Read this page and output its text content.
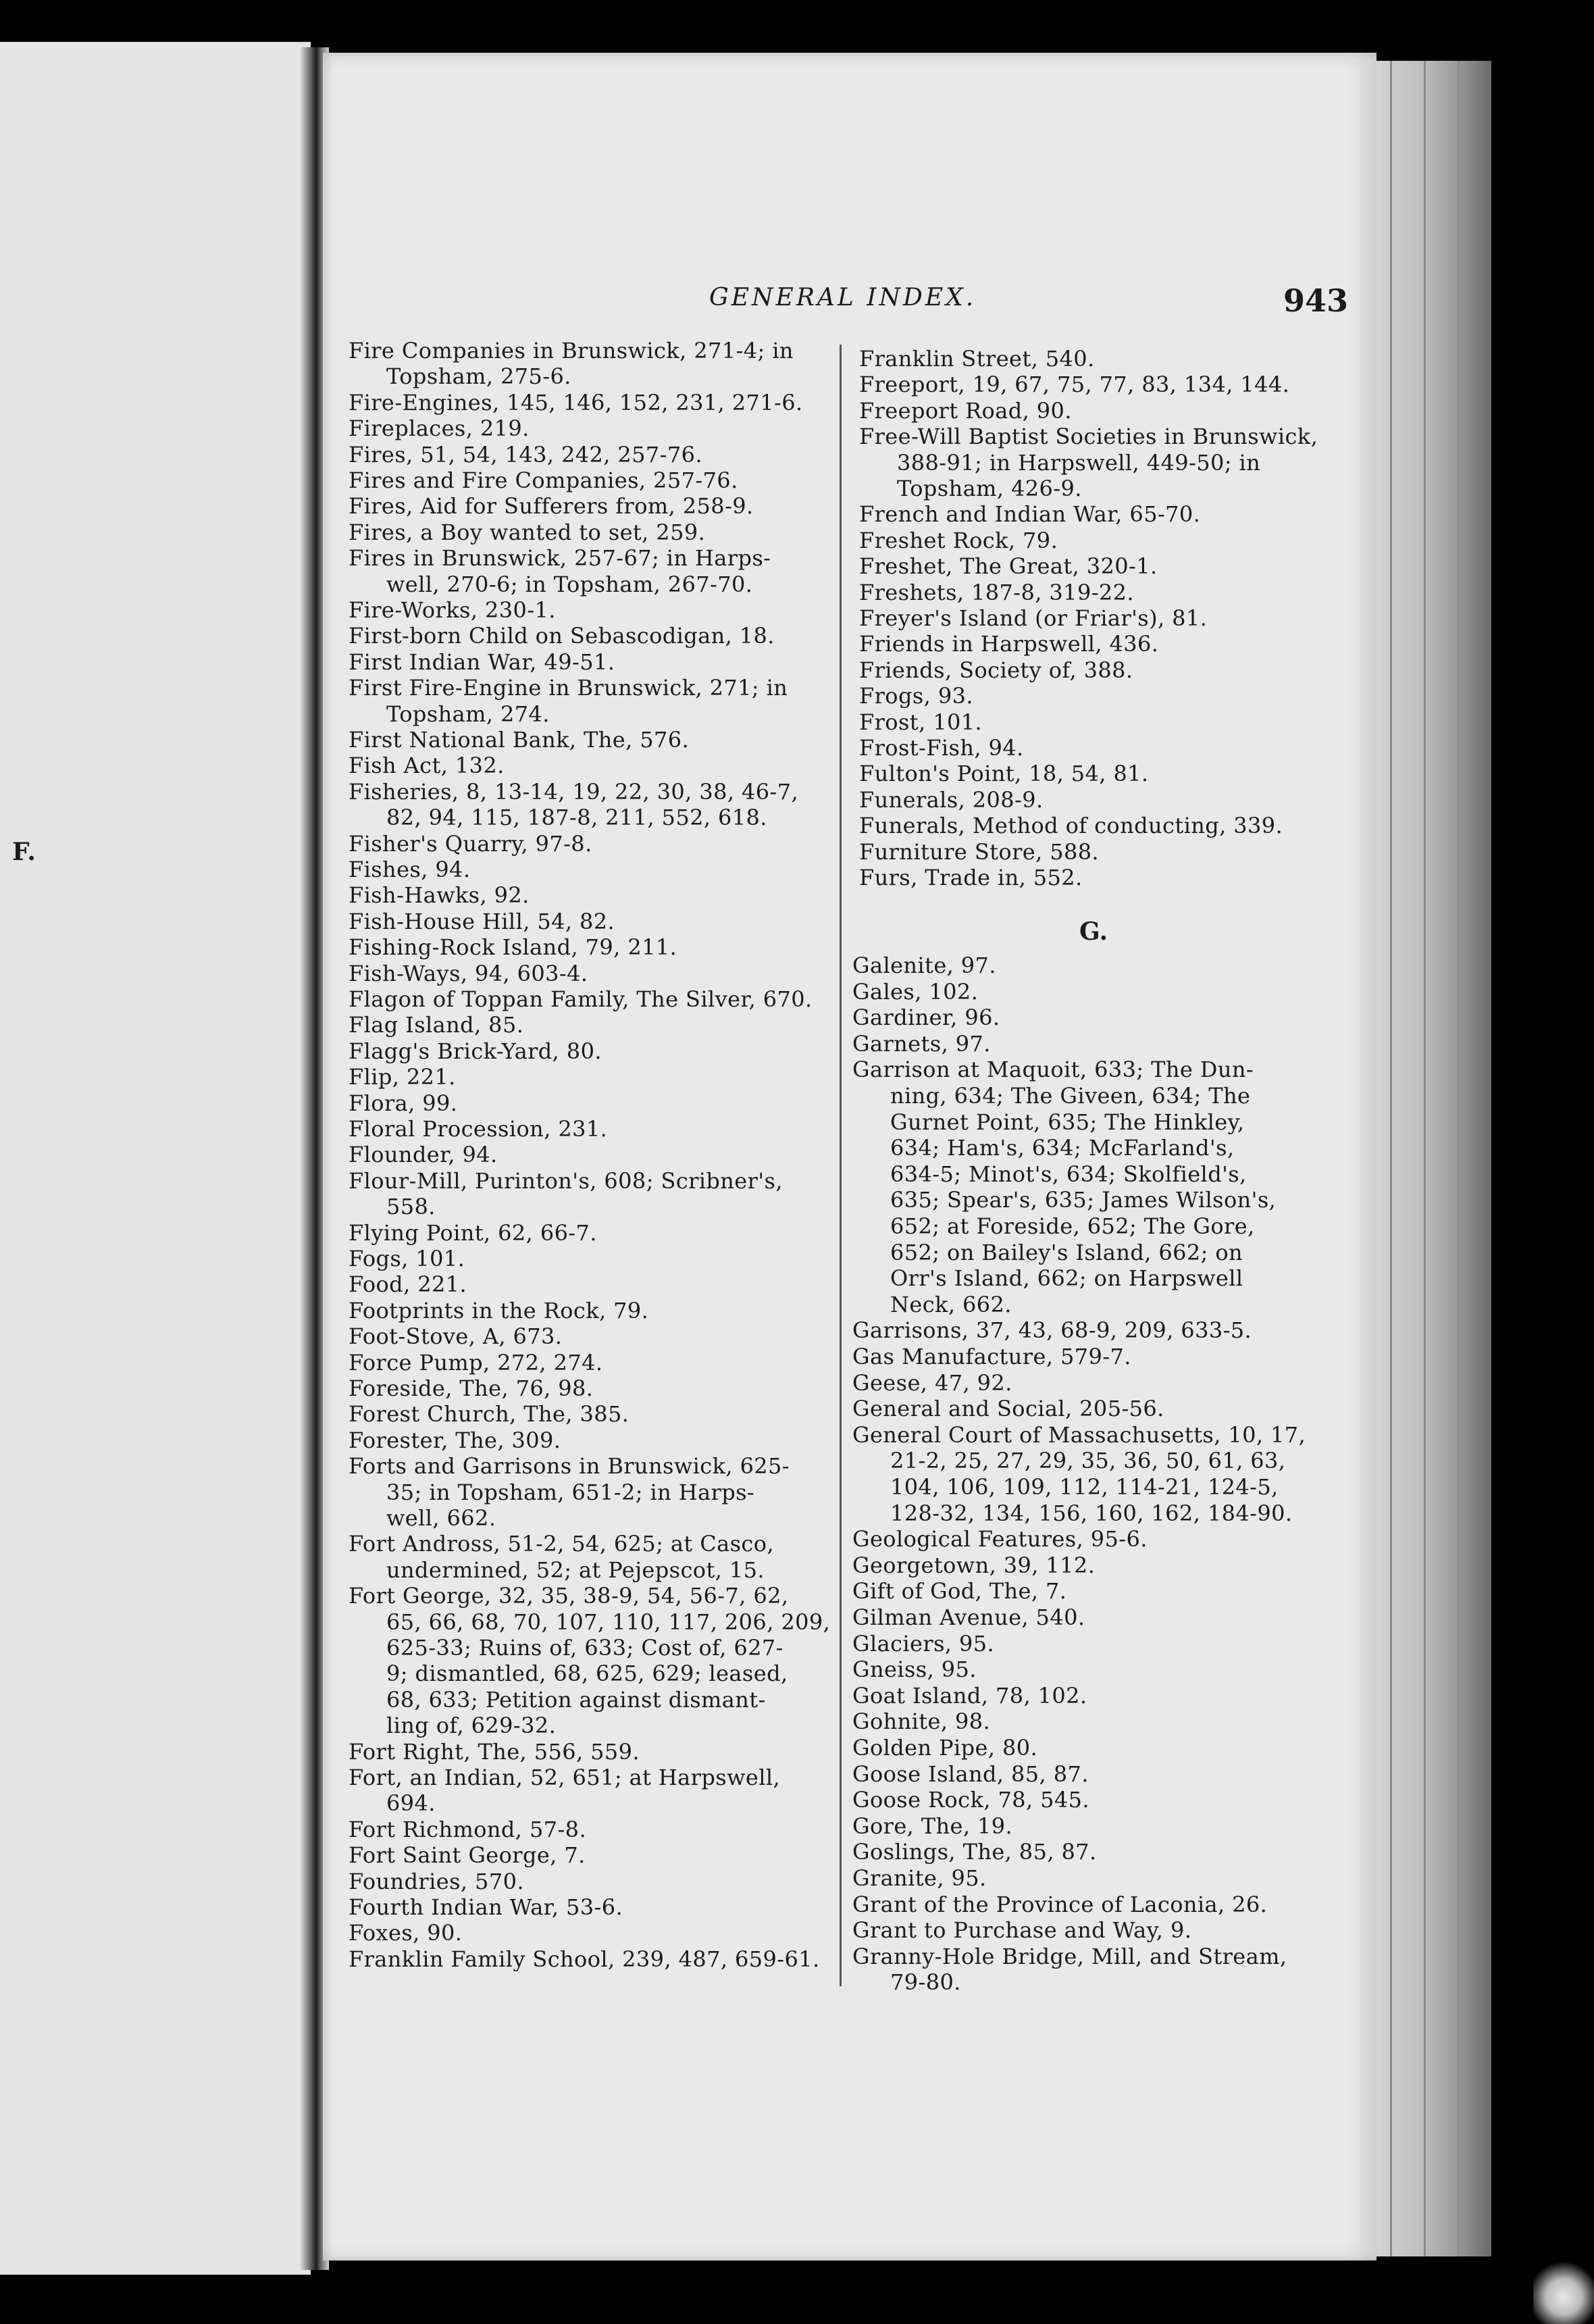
F.
GENERAL INDEX.	943
Fire Companies in Brunswick, 271-4; in
Topsham, 275-6.
Fire-Engines, 145, 146, 152, 231, 271-6.
Fireplaces, 219.
Fires, 51, 54, 143, 242, 257-76.
Fires and Fire Companies, 257-76.
Fires, Aid for Sufferers from, 258-9.
Fires, a Boy wanted to set, 259.
Fires in Brunswick, 257-67; in Harps-
well, 270-6; in Topsham, 267-70.
Fire-Works, 230-1.
First-born Child on Sebascodigan, 18.
First Indian War, 49-51.
First Fire-Engine in Brunswick, 271; in
Topsham, 274.
First National Bank, The, 576.
Fish Act, 132.
Fisheries, 8, 13-14, 19, 22, 30, 38, 46-7,
82, 94, 115, 187-8, 211, 552, 618.
Fisher's Quarry, 97-8.
Fishes, 94.
Fish-Hawks, 92.
Fish-House Hill, 54, 82.
Fishing-Rock Island, 79, 211.
Fish-Ways, 94, 603-4.
Flagon of Toppan Family, The Silver, 670.
Flag Island, 85.
Flagg's Brick-Yard, 80.
Flip, 221.
Flora, 99.
Floral Procession, 231.
Flounder, 94.
Flour-Mill, Purinton's, 608; Scribner's,
558.
Flying Point, 62, 66-7.
Fogs, 101.
Food, 221.
Footprints in the Rock, 79.
Foot-Stove, A, 673.
Force Pump, 272, 274.
Foreside, The, 76, 98.
Forest Church, The, 385.
Forester, The, 309.
Forts and Garrisons in Brunswick, 625-
35; in Topsham, 651-2; in Harps-
well, 662.
Fort Andross, 51-2, 54, 625; at Casco,
undermined, 52; at Pejepscot, 15.
Fort George, 32, 35, 38-9, 54, 56-7, 62,
65, 66, 68, 70, 107, 110, 117, 206, 209,
625-33; Ruins of, 633; Cost of, 627-
9; dismantled, 68, 625, 629; leased,
68, 633; Petition against dismant-
ling of, 629-32.
Fort Right, The, 556, 559.
Fort, an Indian, 52, 651; at Harpswell,
694.
Fort Richmond, 57-8.
Fort Saint George, 7.
Foundries, 570.
Fourth Indian War, 53-6.
Foxes, 90.
Franklin Family School, 239, 487, 659-61.
Franklin Street, 540.
Freeport, 19, 67, 75, 77, 83, 134, 144.
Freeport Road, 90.
Free-Will Baptist Societies in Brunswick,
388-91; in Harpswell, 449-50; in
Topsham, 426-9.
French and Indian War, 65-70.
Freshet Rock, 79.
Freshet, The Great, 320-1.
Freshets, 187-8, 319-22.
Freyer's Island (or Friar's), 81.
Friends in Harpswell, 436.
Friends, Society of, 388.
Frogs, 93.
Frost, 101.
Frost-Fish, 94.
Fulton's Point, 18, 54, 81.
Funerals, 208-9.
Funerals, Method of conducting, 339.
Furniture Store, 588.
Furs, Trade in, 552.
G.
Galenite, 97.
Gales, 102.
Gardiner, 96.
Garnets, 97.
Garrison at Maquoit, 633; The Dun-
ning, 634; The Giveen, 634; The
Gurnet Point, 635; The Hinkley,
634; Ham's, 634; McFarland's,
634-5; Minot's, 634; Skolfield's,
635; Spear's, 635; James Wilson's,
652; at Foreside, 652; The Gore,
652; on Bailey's Island, 662; on
Orr's Island, 662; on Harpswell
Neck, 662.
Garrisons, 37, 43, 68-9, 209, 633-5.
Gas Manufacture, 579-7.
Geese, 47, 92.
General and Social, 205-56.
General Court of Massachusetts, 10, 17,
21-2, 25, 27, 29, 35, 36, 50, 61, 63,
104, 106, 109, 112, 114-21, 124-5,
128-32, 134, 156, 160, 162, 184-90.
Geological Features, 95-6.
Georgetown, 39, 112.
Gift of God, The, 7.
Gilman Avenue, 540.
Glaciers, 95.
Gneiss, 95.
Goat Island, 78, 102.
Gohnite, 98.
Golden Pipe, 80.
Goose Island, 85, 87.
Goose Rock, 78, 545.
Gore, The, 19.
Goslings, The, 85, 87.
Granite, 95.
Grant of the Province of Laconia, 26.
Grant to Purchase and Way, 9.
Granny-Hole Bridge, Mill, and Stream,
79-80.
